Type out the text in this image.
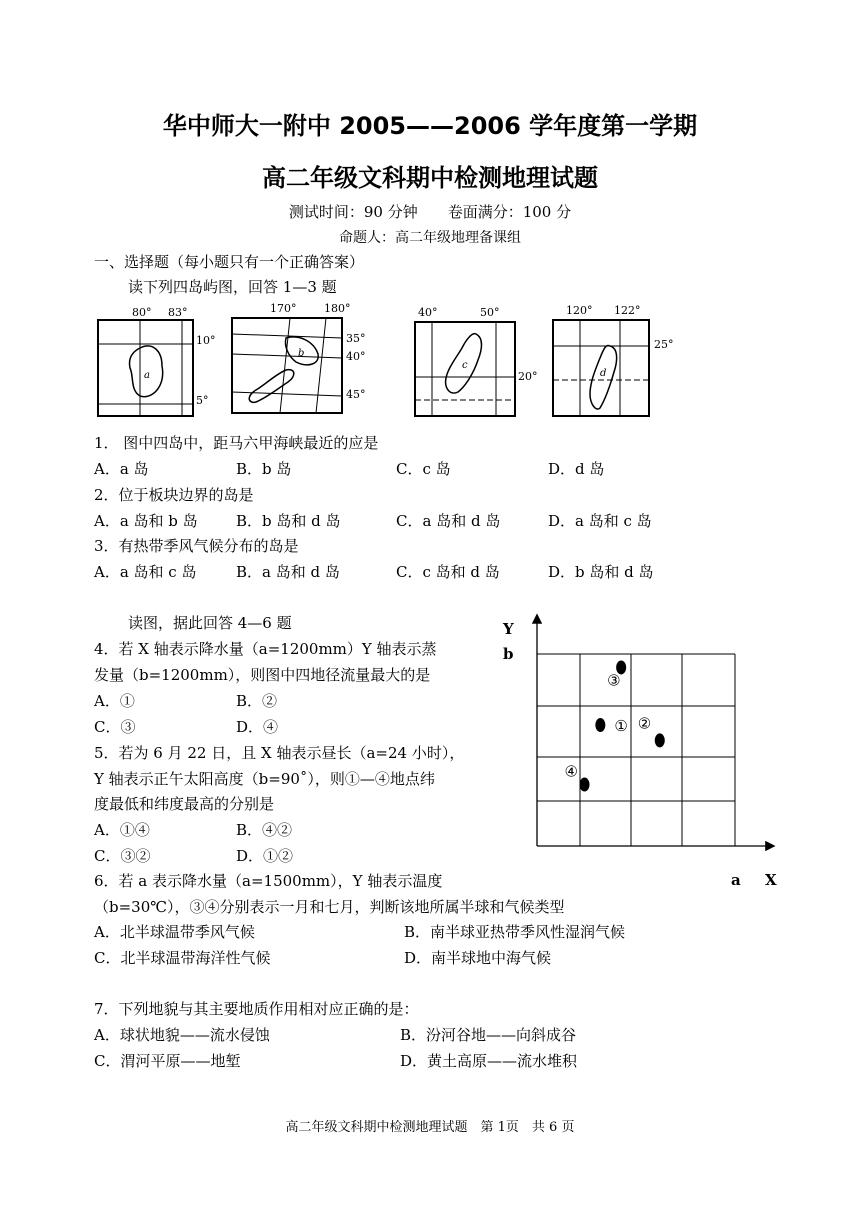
华中师大一附中 2005——2006 学年度第一学期
高二年级文科期中检测地理试题
测试时间：90 分钟　　卷面满分：100 分
命题人：高二年级地理备课组
一、选择题（每小题只有一个正确答案）
读下列四岛屿图，回答 1—3 题
80° 83°
a
10°
5°
170°	180°
b
35°
40°
45°
40°	50°
c
20°
120° 122°
d
25°
1． 图中四岛中，距马六甲海峡最近的应是
A．a 岛	B．b 岛	C．c 岛	D．d 岛
2．位于板块边界的岛是
A．a 岛和 b 岛	B．b 岛和 d 岛	C．a 岛和 d 岛	D．a 岛和 c 岛
3．有热带季风气候分布的岛是
A．a 岛和 c 岛	B．a 岛和 d 岛	C．c 岛和 d 岛	D．b 岛和 d 岛
读图，据此回答 4—6 题
4．若 X 轴表示降水量（a=1200mm）Y 轴表示蒸
发量（b=1200mm），则图中四地径流量最大的是
A．①	B．②
C．③	D．④
5．若为 6 月 22 日，且 X 轴表示昼长（a=24 小时），
Y 轴表示正午太阳高度（b=90˚），则①—④地点纬
度最低和纬度最高的分别是
A．①④	B．④②
C．③②	D．①②
6．若 a 表示降水量（a=1500mm），Y 轴表示温度
（b=30℃），③④分别表示一月和七月，判断该地所属半球和气候类型
A．北半球温带季风气候	B．南半球亚热带季风性湿润气候
C．北半球温带海洋性气候	D．南半球地中海气候
Y
b
a X
③
① ②
④
7．下列地貌与其主要地质作用相对应正确的是：
A．球状地貌——流水侵蚀	B．汾河谷地——向斜成谷
C．渭河平原——地堑	D．黄土高原——流水堆积
高二年级文科期中检测地理试题　第 1页　共 6 页
